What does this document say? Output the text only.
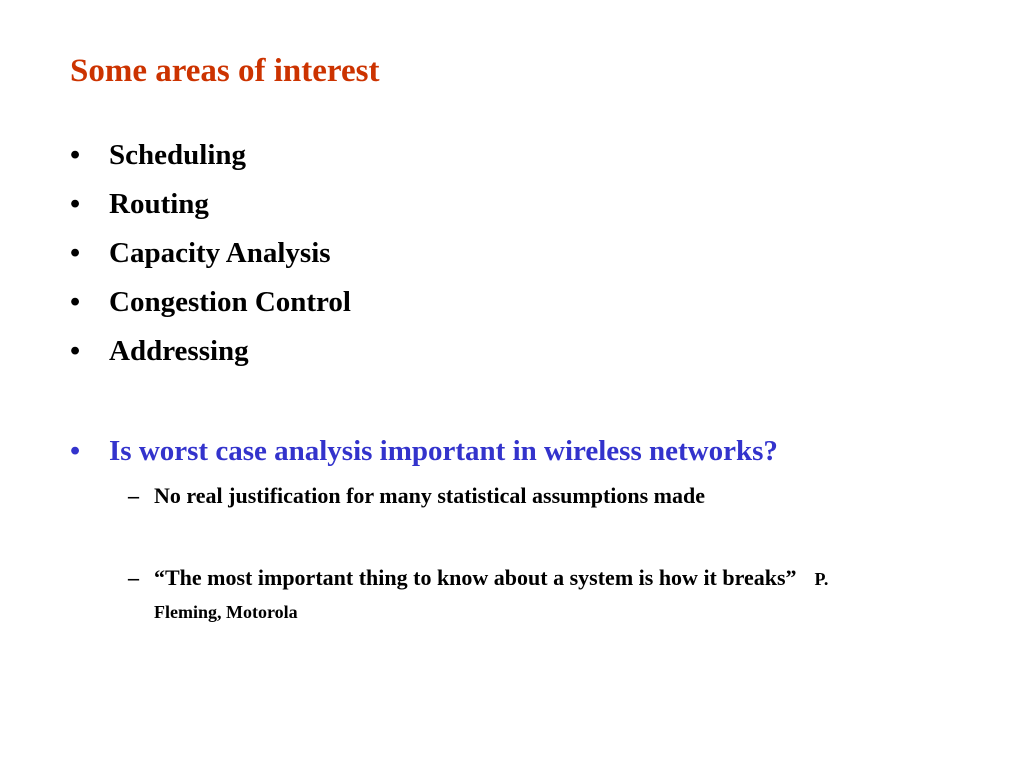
Some areas of interest
• Scheduling
• Routing
• Capacity Analysis
• Congestion Control
• Addressing
• Is worst case analysis important in wireless networks?
– No real justification for many statistical assumptions made
– “The most important thing to know about a system is how it breaks” P. Fleming, Motorola
